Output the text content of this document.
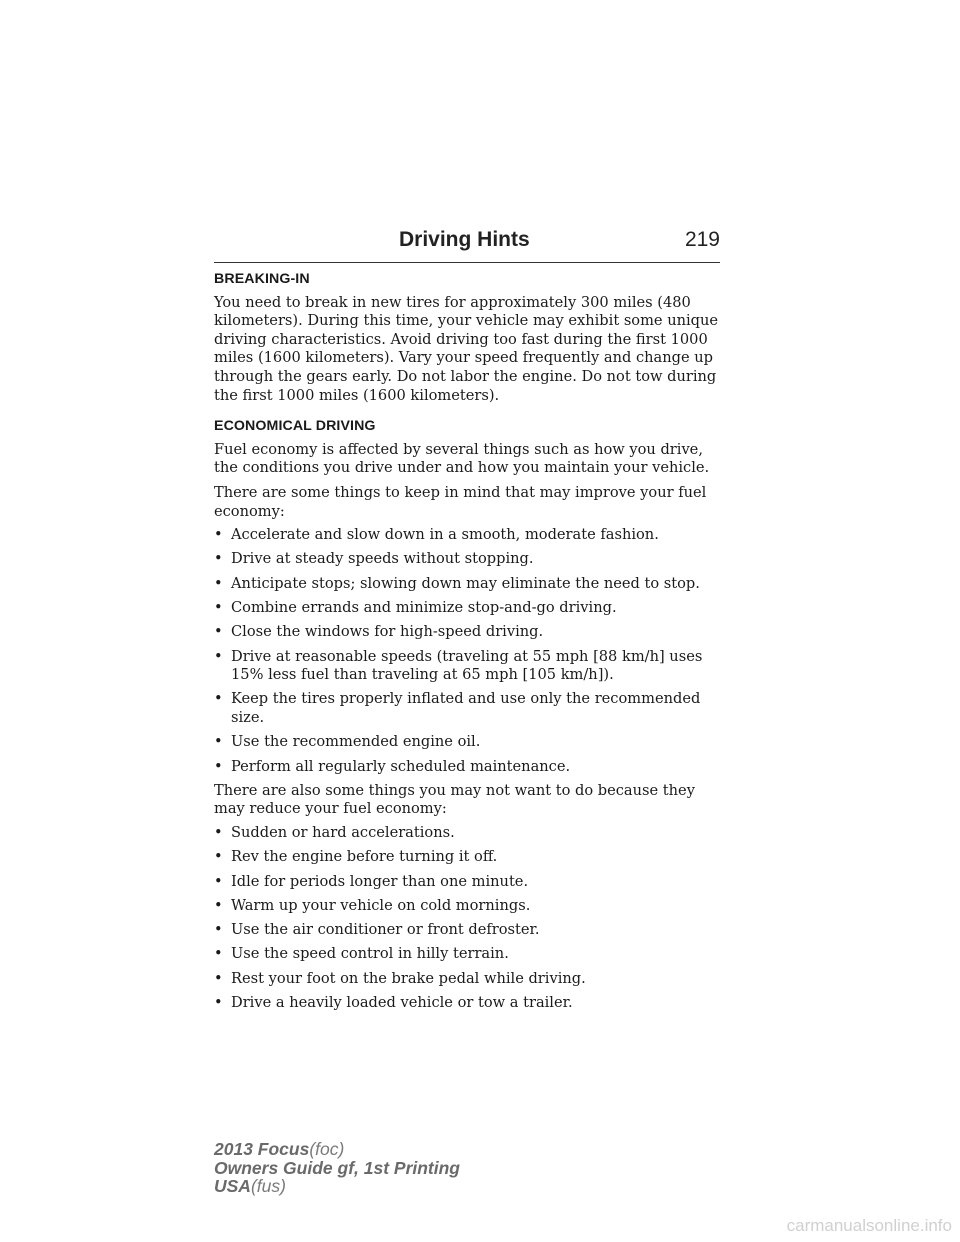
Driving Hints	219
BREAKING-IN

You need to break in new tires for approximately 300 miles (480 kilometers). During this time, your vehicle may exhibit some unique driving characteristics. Avoid driving too fast during the first 1000 miles (1600 kilometers). Vary your speed frequently and change up through the gears early. Do not labor the engine. Do not tow during the first 1000 miles (1600 kilometers).

ECONOMICAL DRIVING

Fuel economy is affected by several things such as how you drive, the conditions you drive under and how you maintain your vehicle.

There are some things to keep in mind that may improve your fuel economy:

• Accelerate and slow down in a smooth, moderate fashion.
• Drive at steady speeds without stopping.
• Anticipate stops; slowing down may eliminate the need to stop.
• Combine errands and minimize stop-and-go driving.
• Close the windows for high-speed driving.
• Drive at reasonable speeds (traveling at 55 mph [88 km/h] uses 15% less fuel than traveling at 65 mph [105 km/h]).
• Keep the tires properly inflated and use only the recommended size.
• Use the recommended engine oil.
• Perform all regularly scheduled maintenance.

There are also some things you may not want to do because they may reduce your fuel economy:

• Sudden or hard accelerations.
• Rev the engine before turning it off.
• Idle for periods longer than one minute.
• Warm up your vehicle on cold mornings.
• Use the air conditioner or front defroster.
• Use the speed control in hilly terrain.
• Rest your foot on the brake pedal while driving.
• Drive a heavily loaded vehicle or tow a trailer.
2013 Focus(foc)
Owners Guide gf, 1st Printing
USA(fus)
carmanualsonline.info
